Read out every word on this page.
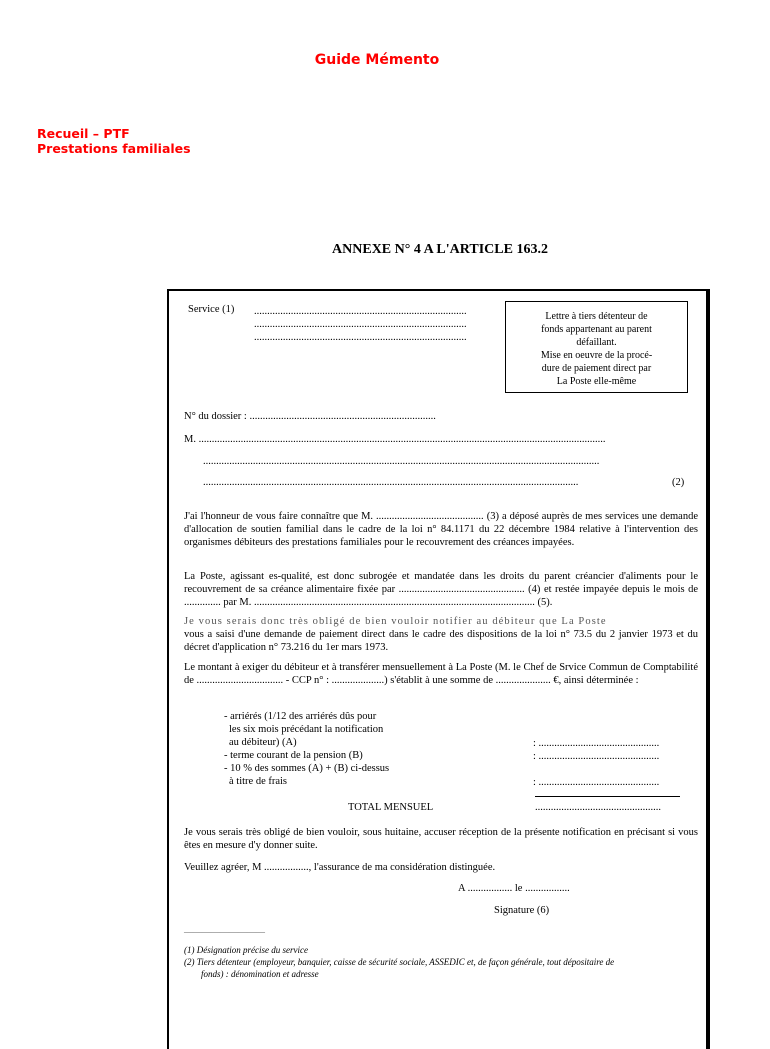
Guide Mémento
Recueil – PTF
Prestations familiales
ANNEXE N° 4 A L'ARTICLE 163.2
Service (1) .................................................................................
.................................................................................
.................................................................................
Lettre à tiers détenteur de
fonds appartenant au parent
défaillant.
Mise en oeuvre de la procé-
dure de paiement direct par
La Poste elle-même
N° du dossier : .......................................................................
M. ...........................................................................................................................................................
.......................................................................................................................................................
...............................................................................................................................................	(2)
J'ai l'honneur de vous faire connaître que M. ......................................... (3) a déposé auprès de mes services une demande d'allocation de soutien familial dans le cadre de la loi n° 84.1171 du 22 décembre 1984 relative à l'intervention des organismes débiteurs des prestations familiales pour le recouvrement des créances impayées.
La Poste, agissant es-qualité, est donc subrogée et mandatée dans les droits du parent créancier d'aliments pour le recouvrement de sa créance alimentaire fixée par ................................................ (4) et restée impayée depuis le mois de .............. par M. ........................................................................................................... (5).
Je vous serais donc très obligé de bien vouloir notifier au débiteur que La Poste
vous a saisi d'une demande de paiement direct dans le cadre des dispositions de la loi n° 73.5 du 2 janvier 1973 et du décret d'application n° 73.216 du 1er mars 1973.
Le montant à exiger du débiteur et à transférer mensuellement à La Poste (M. le Chef de Srvice Commun de Comptabilité de ................................. - CCP n° : ....................) s'établit à une somme de ..................... €, ainsi déterminée :
- arriérés (1/12 des arriérés dûs pour
les six mois précédant la notification
au débiteur) (A)
- terme courant de la pension (B)
- 10 % des sommes (A) + (B) ci-dessus
à titre de frais
: ..............................................
: ..............................................
: ..............................................
TOTAL MENSUEL	................................................
Je vous serais très obligé de bien vouloir, sous huitaine, accuser réception de la présente notification en précisant si vous êtes en mesure d'y donner suite.
Veuillez agréer, M ................., l'assurance de ma considération distinguée.
A ................. le .................
Signature (6)
—————————
(1) Désignation précise du service
(2) Tiers détenteur (employeur, banquier, caisse de sécurité sociale, ASSEDIC et, de façon générale, tout dépositaire de
fonds) : dénomination et adresse
